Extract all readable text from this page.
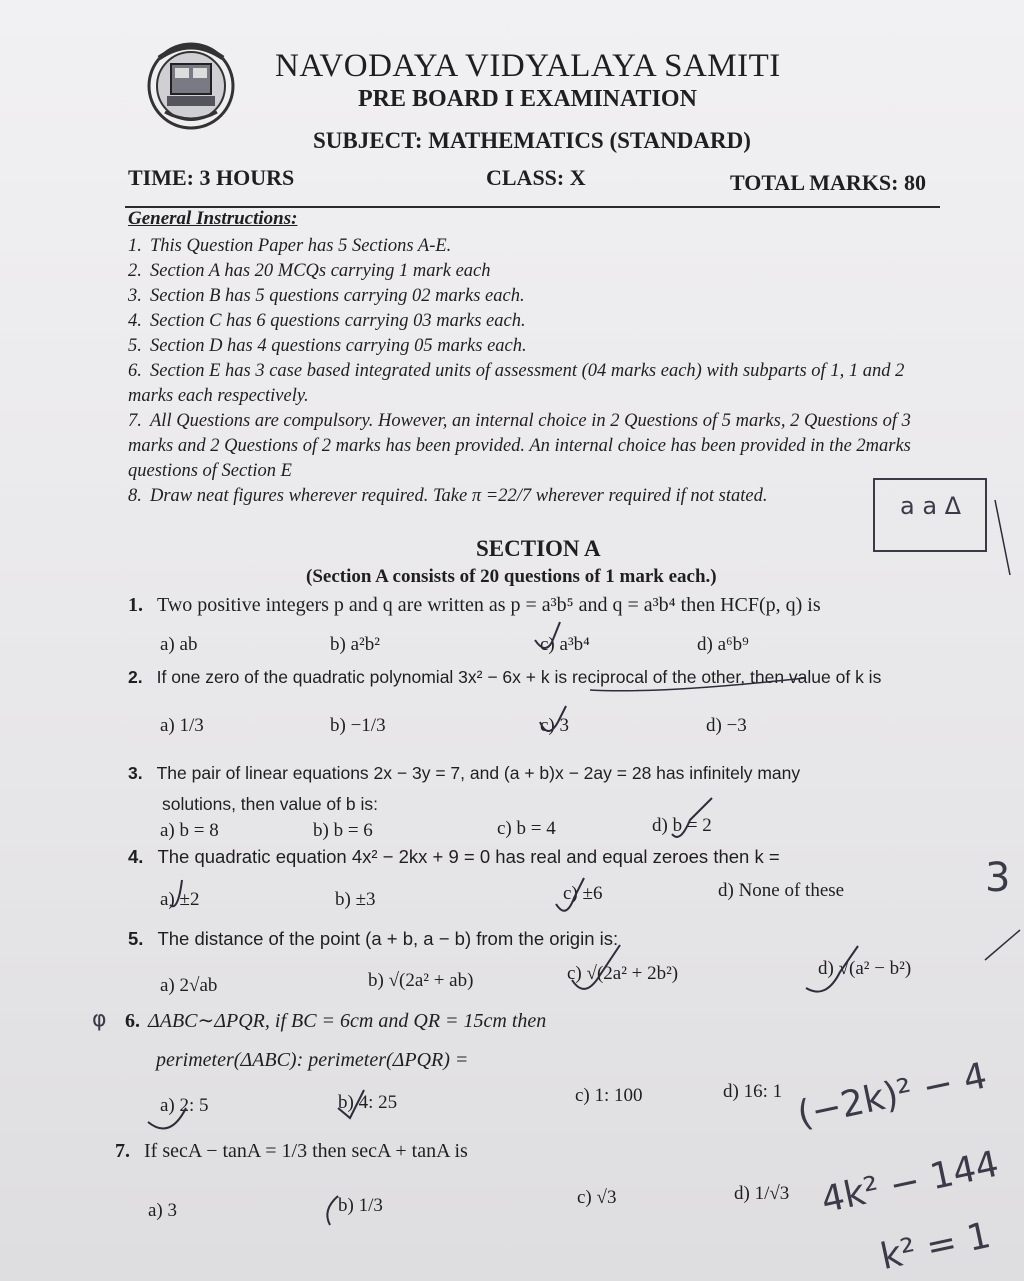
NAVODAYA VIDYALAYA SAMITI
PRE BOARD I EXAMINATION
SUBJECT: MATHEMATICS (STANDARD)
TIME: 3 HOURS	CLASS: X	TOTAL MARKS: 80
General Instructions:
1. This Question Paper has 5 Sections A-E.
2. Section A has 20 MCQs carrying 1 mark each
3. Section B has 5 questions carrying 02 marks each.
4. Section C has 6 questions carrying 03 marks each.
5. Section D has 4 questions carrying 05 marks each.
6. Section E has 3 case based integrated units of assessment (04 marks each) with subparts of 1, 1 and 2 marks each respectively.
7. All Questions are compulsory. However, an internal choice in 2 Questions of 5 marks, 2 Questions of 3 marks and 2 Questions of 2 marks has been provided. An internal choice has been provided in the 2marks questions of Section E
8. Draw neat figures wherever required. Take π =22/7 wherever required if not stated.	a a Δ
SECTION A
(Section A consists of 20 questions of 1 mark each.)
1. Two positive integers p and q are written as p = a³b⁵ and q = a³b⁴ then HCF(p, q) is
a) ab	b) a²b²	c) a³b⁴	d) a⁶b⁹
2. If one zero of the quadratic polynomial 3x² − 6x + k is reciprocal of the other, then value of k is
a) 1/3	b) −1/3	c) 3	d) −3
3. The pair of linear equations 2x − 3y = 7, and (a + b)x − 2ay = 28 has infinitely many
solutions, then value of b is:
a) b = 8	b) b = 6	c) b = 4	d) b = 2
4. The quadratic equation 4x² − 2kx + 9 = 0 has real and equal zeroes then k =
a) ±2	b) ±3	c) ±6	d) None of these
5. The distance of the point (a + b, a − b) from the origin is:
a) 2√ab	b) √(2a² + ab)	c) √(2a² + 2b²)	d) √(a² − b²)
6. ΔABC∼ΔPQR, if BC = 6cm and QR = 15cm then
perimeter(ΔABC): perimeter(ΔPQR) =
a) 2: 5	b) 4: 25	c) 1: 100	d) 16: 1
7. If secA − tanA = 1/3 then secA + tanA is
a) 3	b) 1/3	c) √3	d) 1/√3
3
φ
(−2k)² − 4
4k² − 144
k² = 1
